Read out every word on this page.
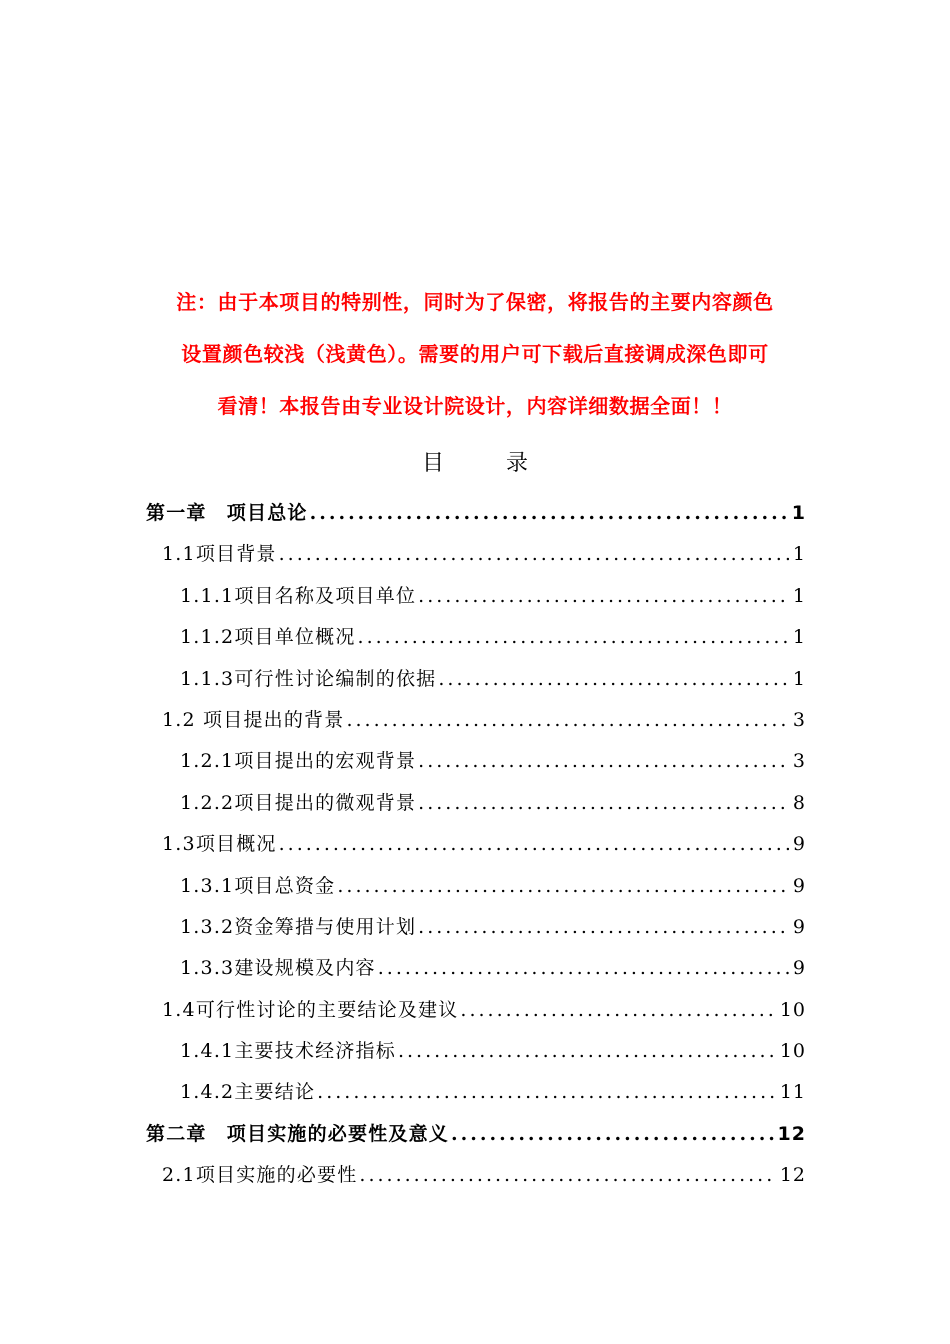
注：由于本项目的特别性，同时为了保密，将报告的主要内容颜色
设置颜色较浅（浅黄色）。需要的用户可下载后直接调成深色即可
看清！本报告由专业设计院设计，内容详细数据全面！！
目	录
第一章　项目总论 .....	1
1.1项目背景 .....	1
1.1.1项目名称及项目单位 .....	1
1.1.2项目单位概况 .....	1
1.1.3可行性讨论编制的依据 .....	1
1.2 项目提出的背景 .....	3
1.2.1项目提出的宏观背景 .....	3
1.2.2项目提出的微观背景 .....	8
1.3项目概况 .....	9
1.3.1项目总资金 .....	9
1.3.2资金筹措与使用计划 .....	9
1.3.3建设规模及内容 .....	9
1.4可行性讨论的主要结论及建议 .....	10
1.4.1主要技术经济指标 .....	10
1.4.2主要结论 .....	11
第二章　项目实施的必要性及意义 .....	12
2.1项目实施的必要性 .....	12
